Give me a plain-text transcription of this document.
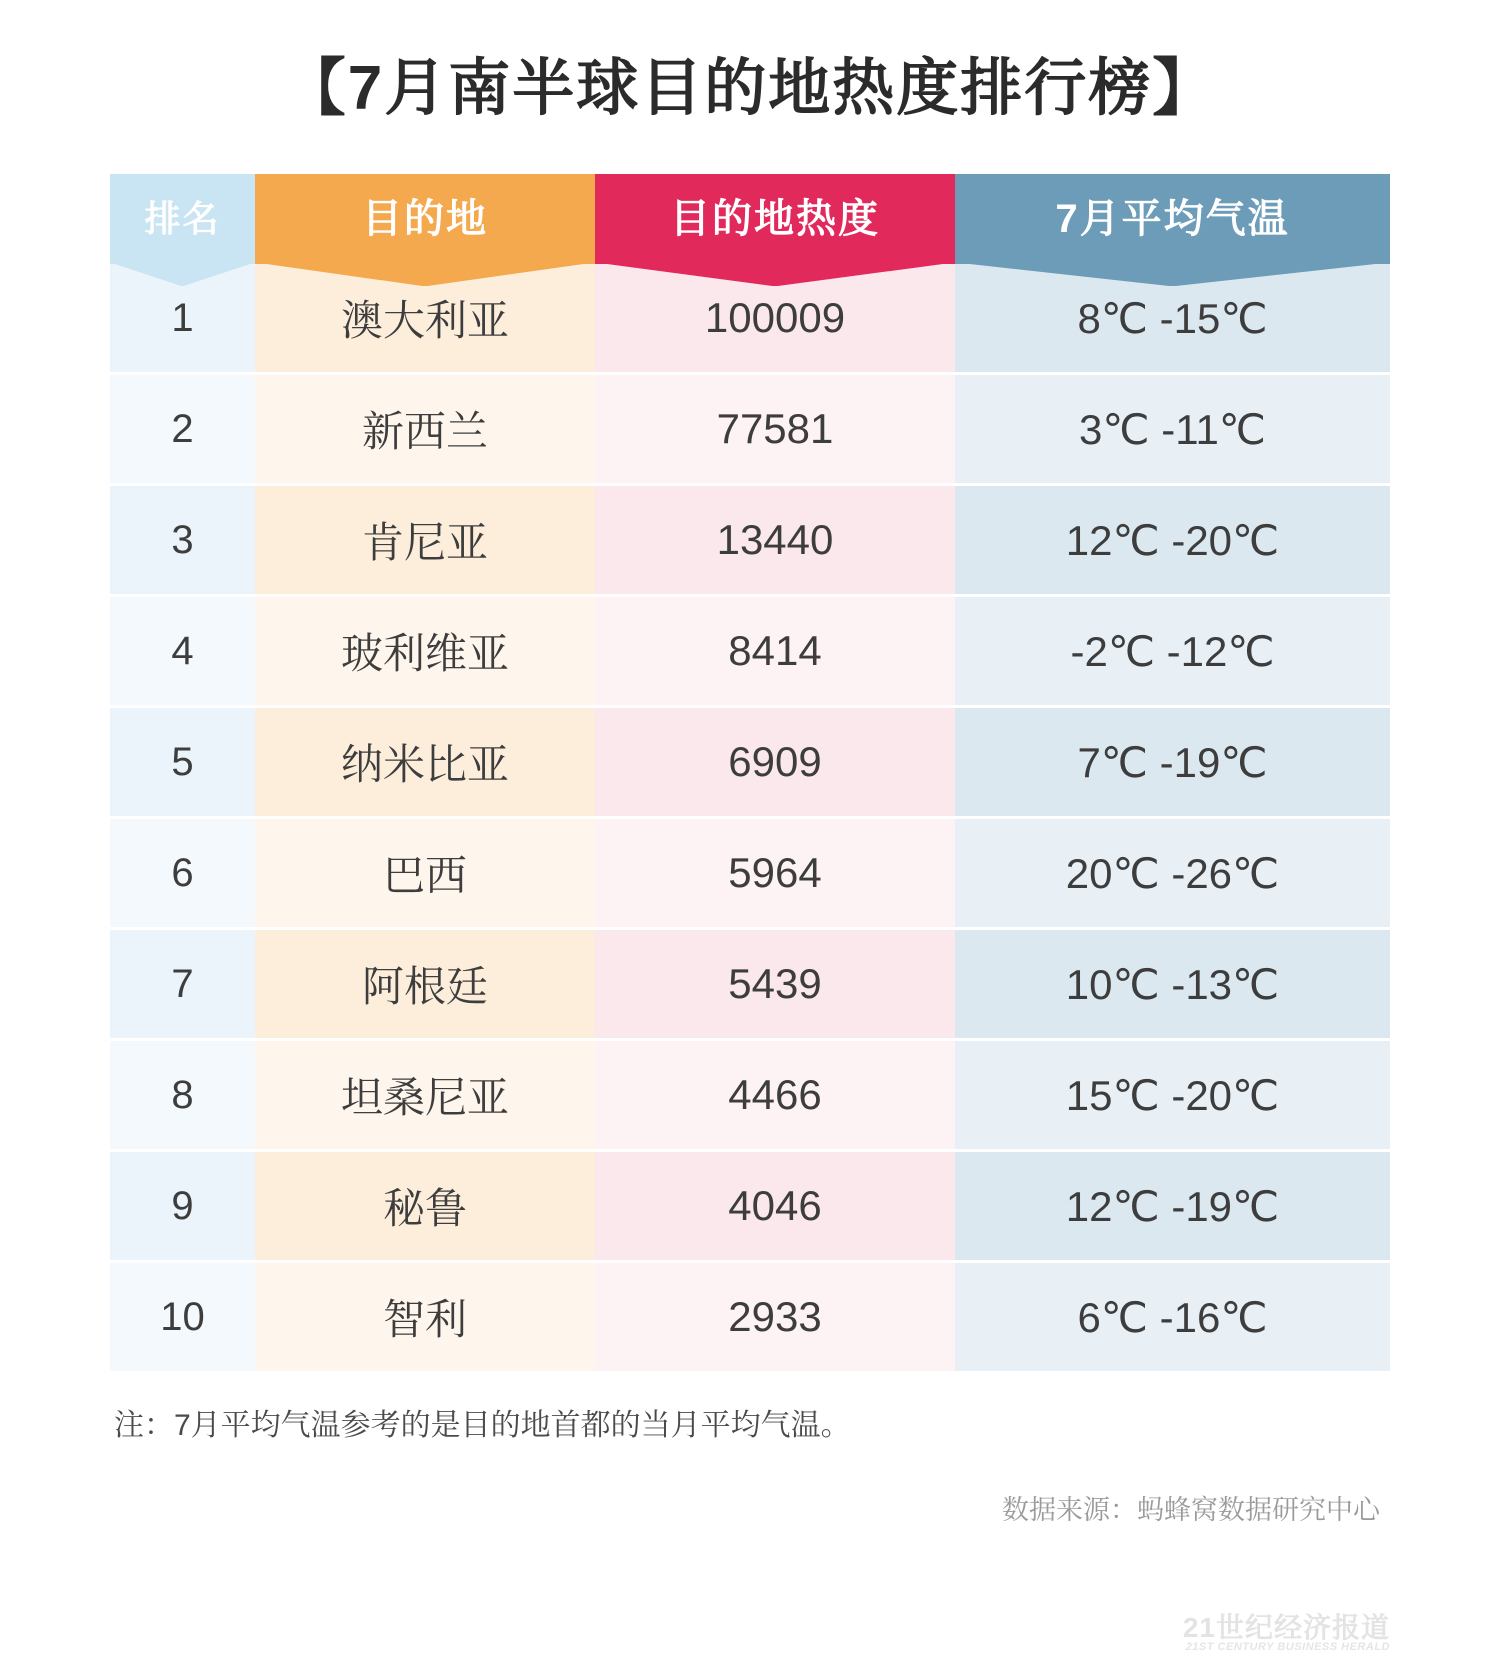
【7月南半球目的地热度排行榜】
排名	目的地	目的地热度	7月平均气温

1	澳大利亚	100009	8℃ -15℃
2	新西兰	77581	3℃ -11℃
3	肯尼亚	13440	12℃ -20℃
4	玻利维亚	8414	-2℃ -12℃
5	纳米比亚	6909	7℃ -19℃
6	巴西	5964	20℃ -26℃
7	阿根廷	5439	10℃ -13℃
8	坦桑尼亚	4466	15℃ -20℃
9	秘鲁	4046	12℃ -19℃
10	智利	2933	6℃ -16℃
注：7月平均气温参考的是目的地首都的当月平均气温。
数据来源：蚂蜂窝数据研究中心
21世纪经济报道
21ST CENTURY BUSINESS HERALD
